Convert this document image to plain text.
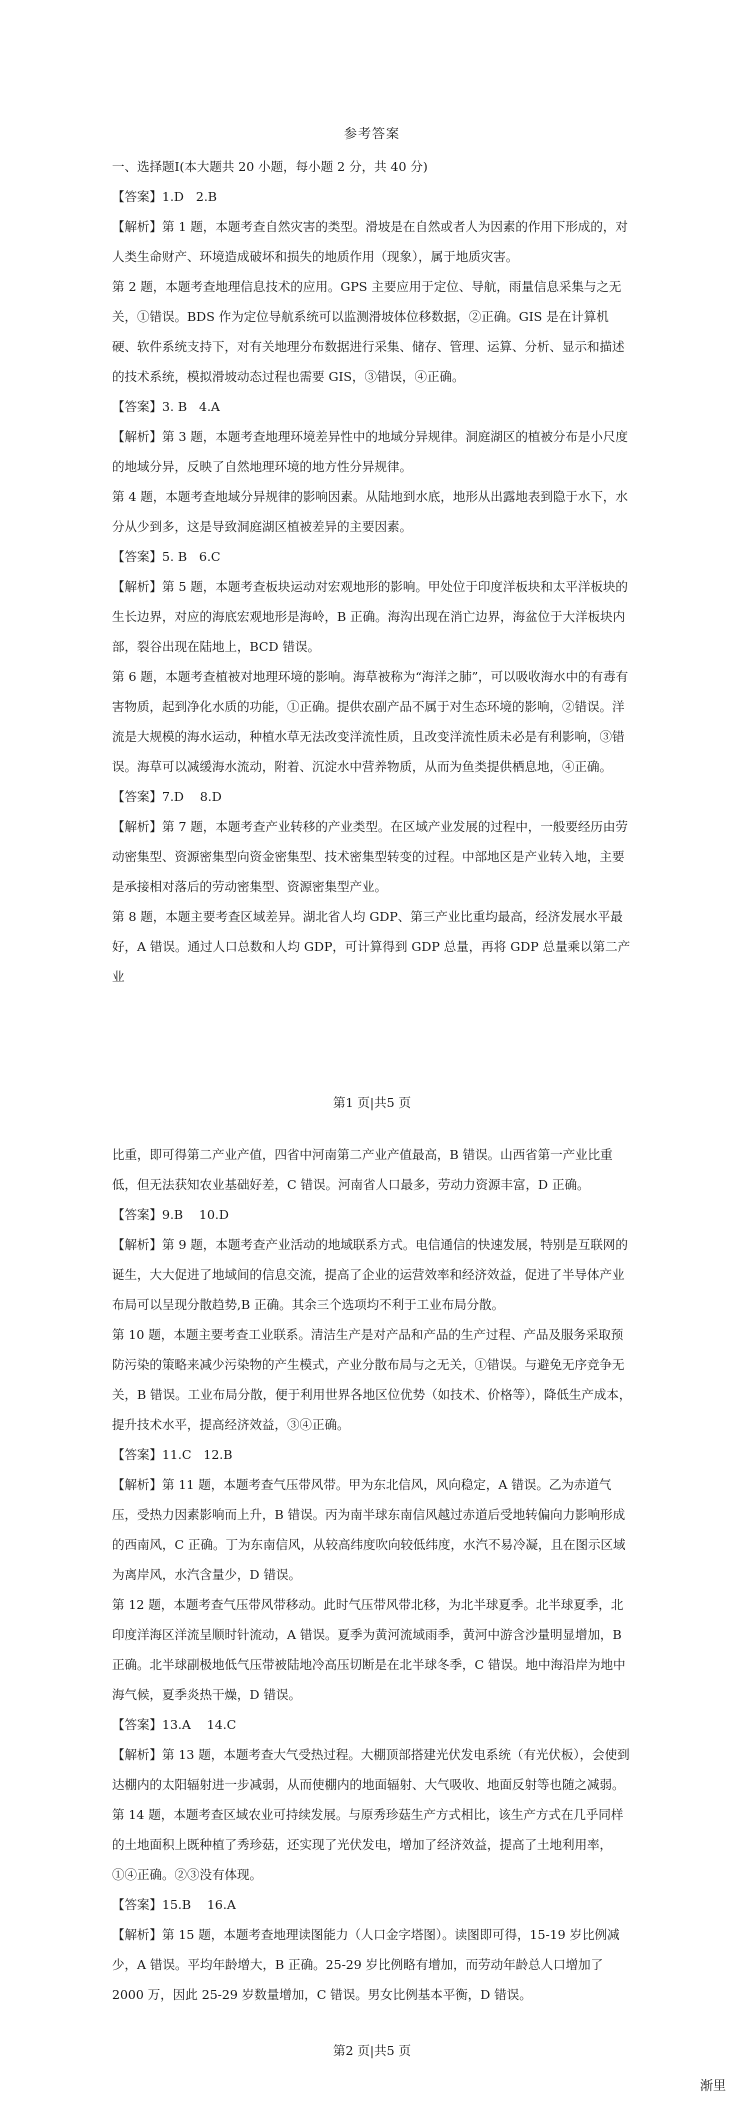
参考答案

一、选择题Ⅰ(本大题共 20 小题，每小题 2 分，共 40 分)

【答案】1.D   2.B

【解析】第 1 题，本题考查自然灾害的类型。滑坡是在自然或者人为因素的作用下形成的，对人类生命财产、环境造成破坏和损失的地质作用（现象），属于地质灾害。

第 2 题，本题考查地理信息技术的应用。GPS 主要应用于定位、导航，雨量信息采集与之无关，①错误。BDS 作为定位导航系统可以监测滑坡体位移数据，②正确。GIS 是在计算机硬、软件系统支持下，对有关地理分布数据进行采集、储存、管理、运算、分析、显示和描述的技术系统，模拟滑坡动态过程也需要 GIS，③错误，④正确。

【答案】3. B   4.A

【解析】第 3 题，本题考查地理环境差异性中的地域分异规律。洞庭湖区的植被分布是小尺度的地域分异，反映了自然地理环境的地方性分异规律。

第 4 题，本题考查地域分异规律的影响因素。从陆地到水底，地形从出露地表到隐于水下，水分从少到多，这是导致洞庭湖区植被差异的主要因素。

【答案】5. B   6.C

【解析】第 5 题，本题考查板块运动对宏观地形的影响。甲处位于印度洋板块和太平洋板块的生长边界，对应的海底宏观地形是海岭，B 正确。海沟出现在消亡边界，海盆位于大洋板块内部，裂谷出现在陆地上，BCD 错误。

第 6 题，本题考查植被对地理环境的影响。海草被称为“海洋之肺”，可以吸收海水中的有毒有害物质，起到净化水质的功能，①正确。提供农副产品不属于对生态环境的影响，②错误。洋流是大规模的海水运动，种植水草无法改变洋流性质，且改变洋流性质未必是有利影响，③错误。海草可以减缓海水流动，附着、沉淀水中营养物质，从而为鱼类提供栖息地，④正确。

【答案】7.D    8.D

【解析】第 7 题，本题考查产业转移的产业类型。在区域产业发展的过程中，一般要经历由劳动密集型、资源密集型向资金密集型、技术密集型转变的过程。中部地区是产业转入地，主要是承接相对落后的劳动密集型、资源密集型产业。

第 8 题，本题主要考查区域差异。湖北省人均 GDP、第三产业比重均最高，经济发展水平最好，A 错误。通过人口总数和人均 GDP，可计算得到 GDP 总量，再将 GDP 总量乘以第二产业

第1 页|共5 页

比重，即可得第二产业产值，四省中河南第二产业产值最高，B 错误。山西省第一产业比重低，但无法获知农业基础好差，C 错误。河南省人口最多，劳动力资源丰富，D 正确。

【答案】9.B    10.D

【解析】第 9 题，本题考查产业活动的地域联系方式。电信通信的快速发展，特别是互联网的诞生，大大促进了地域间的信息交流，提高了企业的运营效率和经济效益，促进了半导体产业布局可以呈现分散趋势,B 正确。其余三个选项均不利于工业布局分散。

第 10 题，本题主要考查工业联系。清洁生产是对产品和产品的生产过程、产品及服务采取预防污染的策略来减少污染物的产生模式，产业分散布局与之无关，①错误。与避免无序竞争无关，B 错误。工业布局分散，便于利用世界各地区位优势（如技术、价格等），降低生产成本，提升技术水平，提高经济效益，③④正确。

【答案】11.C   12.B

【解析】第 11 题，本题考查气压带风带。甲为东北信风，风向稳定，A 错误。乙为赤道气压，受热力因素影响而上升，B 错误。丙为南半球东南信风越过赤道后受地转偏向力影响形成的西南风，C 正确。丁为东南信风，从较高纬度吹向较低纬度，水汽不易冷凝，且在图示区域为离岸风，水汽含量少，D 错误。

第 12 题，本题考查气压带风带移动。此时气压带风带北移，为北半球夏季。北半球夏季，北印度洋海区洋流呈顺时针流动，A 错误。夏季为黄河流域雨季，黄河中游含沙量明显增加，B 正确。北半球副极地低气压带被陆地冷高压切断是在北半球冬季，C 错误。地中海沿岸为地中海气候，夏季炎热干燥，D 错误。

【答案】13.A    14.C

【解析】第 13 题，本题考查大气受热过程。大棚顶部搭建光伏发电系统（有光伏板），会使到达棚内的太阳辐射进一步减弱，从而使棚内的地面辐射、大气吸收、地面反射等也随之减弱。

第 14 题，本题考查区域农业可持续发展。与原秀珍菇生产方式相比，该生产方式在几乎同样的土地面积上既种植了秀珍菇，还实现了光伏发电，增加了经济效益，提高了土地利用率，①④正确。②③没有体现。

【答案】15.B    16.A

【解析】第 15 题，本题考查地理读图能力（人口金字塔图）。读图即可得，15-19 岁比例减少，A 错误。平均年龄增大，B 正确。25-29 岁比例略有增加，而劳动年龄总人口增加了 2000 万，因此 25-29 岁数量增加，C 错误。男女比例基本平衡，D 错误。

第2 页|共5 页
渐里
